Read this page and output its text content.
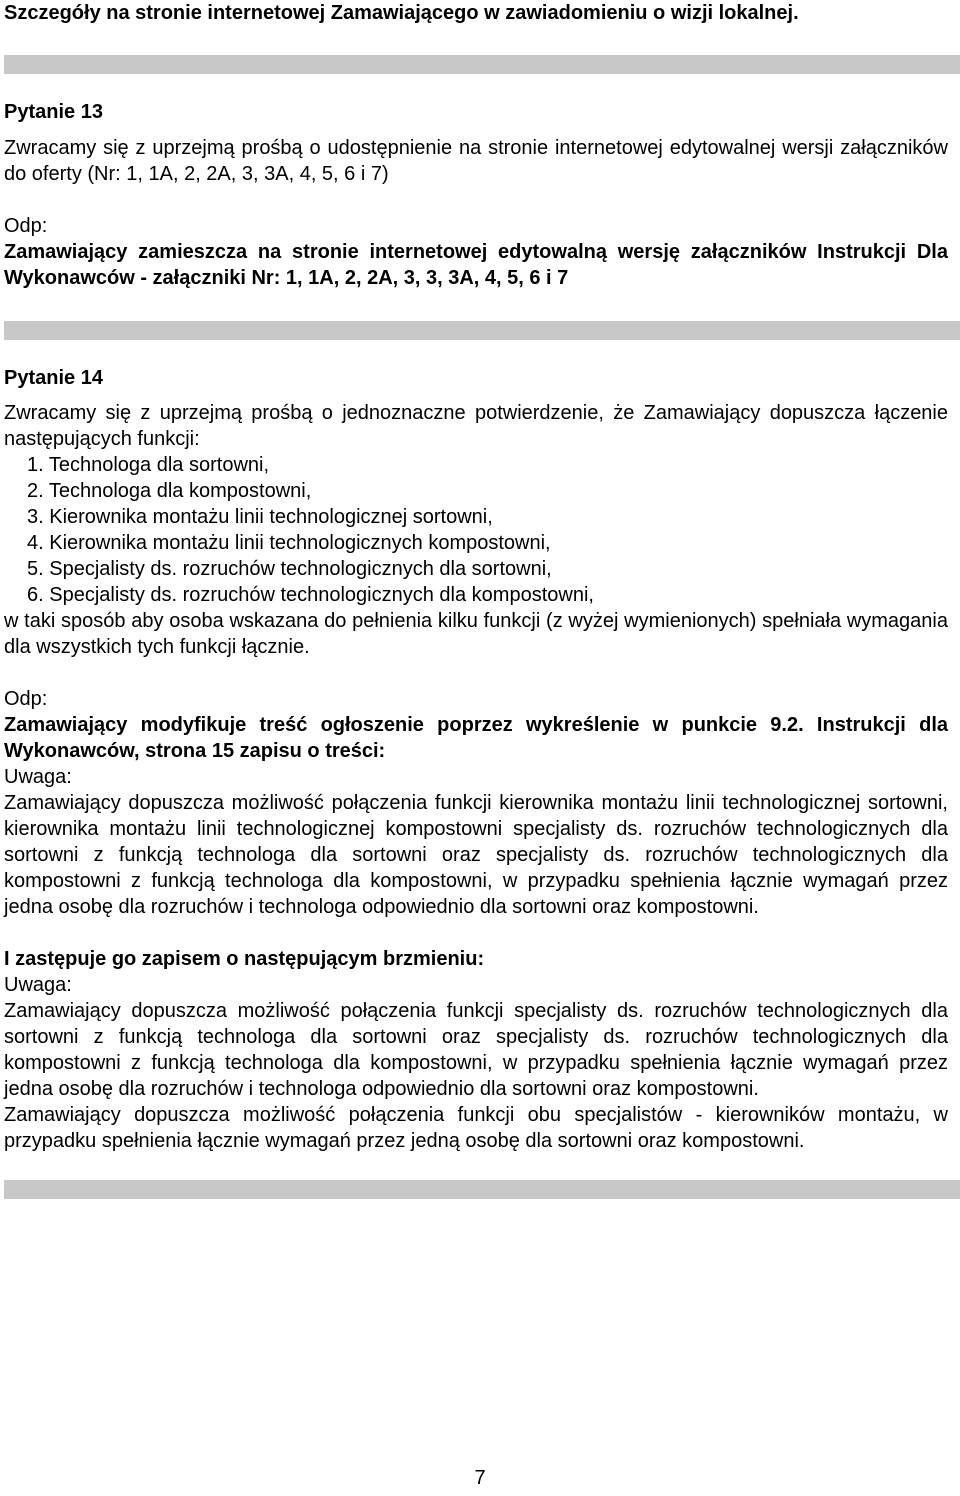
Szczegóły na stronie internetowej Zamawiającego w zawiadomieniu o wizji lokalnej.

Pytanie 13

Zwracamy się z uprzejmą prośbą o udostępnienie na stronie internetowej edytowalnej wersji załączników do oferty (Nr: 1, 1A, 2, 2A, 3, 3A, 4, 5, 6 i 7)

Odp:

Zamawiający zamieszcza na stronie internetowej edytowalną wersję załączników Instrukcji Dla Wykonawców - załączniki Nr: 1, 1A, 2, 2A, 3, 3, 3A, 4, 5, 6 i 7

Pytanie 14

Zwracamy się z uprzejmą prośbą o jednoznaczne potwierdzenie, że Zamawiający dopuszcza łączenie następujących funkcji:

1. Technologa dla sortowni,
2. Technologa dla kompostowni,
3. Kierownika montażu linii technologicznej sortowni,
4. Kierownika montażu linii technologicznych kompostowni,
5. Specjalisty ds. rozruchów technologicznych dla sortowni,
6. Specjalisty ds. rozruchów technologicznych dla kompostowni,

w taki sposób aby osoba wskazana do pełnienia kilku funkcji (z wyżej wymienionych) spełniała wymagania dla wszystkich tych funkcji łącznie.

Odp:

Zamawiający modyfikuje treść ogłoszenie poprzez wykreślenie w punkcie 9.2. Instrukcji dla Wykonawców, strona 15 zapisu o treści:

Uwaga:

Zamawiający dopuszcza możliwość połączenia funkcji kierownika montażu linii technologicznej sortowni, kierownika montażu linii technologicznej kompostowni specjalisty ds. rozruchów technologicznych dla sortowni z funkcją technologa dla sortowni oraz specjalisty ds. rozruchów technologicznych dla kompostowni z funkcją technologa dla kompostowni, w przypadku spełnienia łącznie wymagań przez jedna osobę dla rozruchów i technologa odpowiednio dla sortowni oraz kompostowni.

I zastępuje go zapisem o następującym brzmieniu:

Uwaga:

Zamawiający dopuszcza możliwość połączenia funkcji specjalisty ds. rozruchów technologicznych dla sortowni z funkcją technologa dla sortowni oraz specjalisty ds. rozruchów technologicznych dla kompostowni z funkcją technologa dla kompostowni, w przypadku spełnienia łącznie wymagań przez jedna osobę dla rozruchów i technologa odpowiednio dla sortowni oraz kompostowni.

Zamawiający dopuszcza możliwość połączenia funkcji obu specjalistów - kierowników montażu, w przypadku spełnienia łącznie wymagań przez jedną osobę dla sortowni oraz kompostowni.

7
